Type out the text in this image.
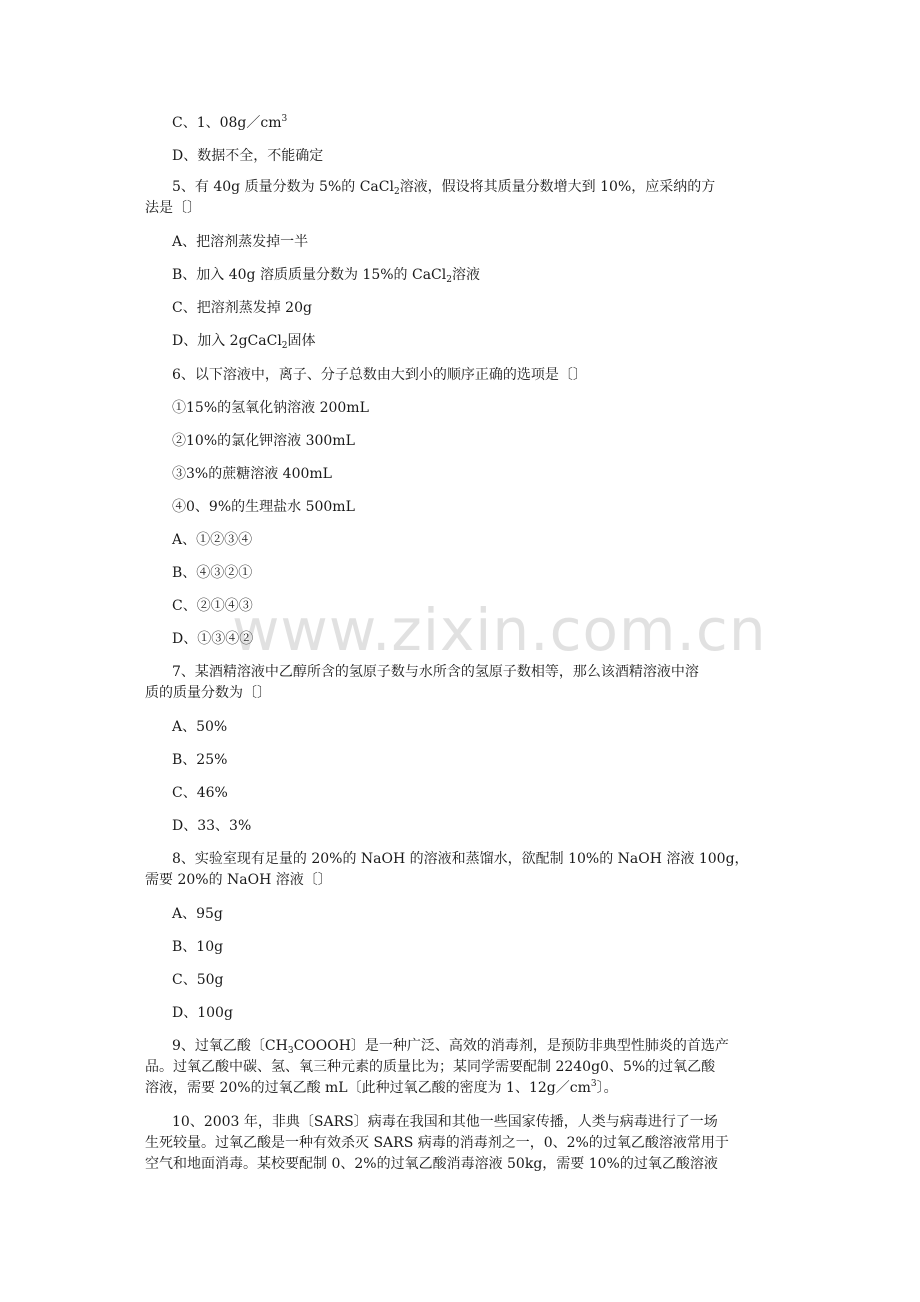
C、1、$08g/cm^3$
D、数据不全，不能确定
5、有 40g 质量分数为 5%的 CaCl$_2$溶液，假设将其质量分数增大到 10%，应采纳的方
法是〔〕
A、把溶剂蒸发掉一半
B、加入 40g 溶质质量分数为 15%的 CaCl$_2$溶液
C、把溶剂蒸发掉 20g
D、加入 2gCaCl$_2$固体
6、以下溶液中，离子、分子总数由大到小的顺序正确的选项是〔〕
①15%的氢氧化钠溶液 200mL
②10%的氯化钾溶液 300mL
③3%的蔗糖溶液 400mL
④0、9%的生理盐水 500mL
A、①②③④
B、④③②①
C、②①④③
D、①③④②
7、某酒精溶液中乙醇所含的氢原子数与水所含的氢原子数相等，那么该酒精溶液中溶
质的质量分数为〔〕
A、50%
B、25%
C、46%
D、33、3%
8、实验室现有足量的 20%的 NaOH 的溶液和蒸馏水，欲配制 10%的 NaOH 溶液 100g，
需要 20%的 NaOH 溶液〔〕
A、95g
B、10g
C、50g
D、100g
9、过氧乙酸〔$CH_3COOOH$〕是一种广泛、高效的消毒剂，是预防非典型性肺炎的首选产
品。过氧乙酸中碳、氢、氧三种元素的质量比为；某同学需要配制 2240g0、5%的过氧乙酸
溶液，需要 20%的过氧乙酸 mL〔此种过氧乙酸的密度为 1、$12g/cm^3$〕。
10、2003 年，非典〔SARS〕病毒在我国和其他一些国家传播，人类与病毒进行了一场
生死较量。过氧乙酸是一种有效杀灭 SARS 病毒的消毒剂之一，0、2%的过氧乙酸溶液常用于
空气和地面消毒。某校要配制 0、2%的过氧乙酸消毒溶液 50kg，需要 10%的过氧乙酸溶液
www.zixin.com.cn
